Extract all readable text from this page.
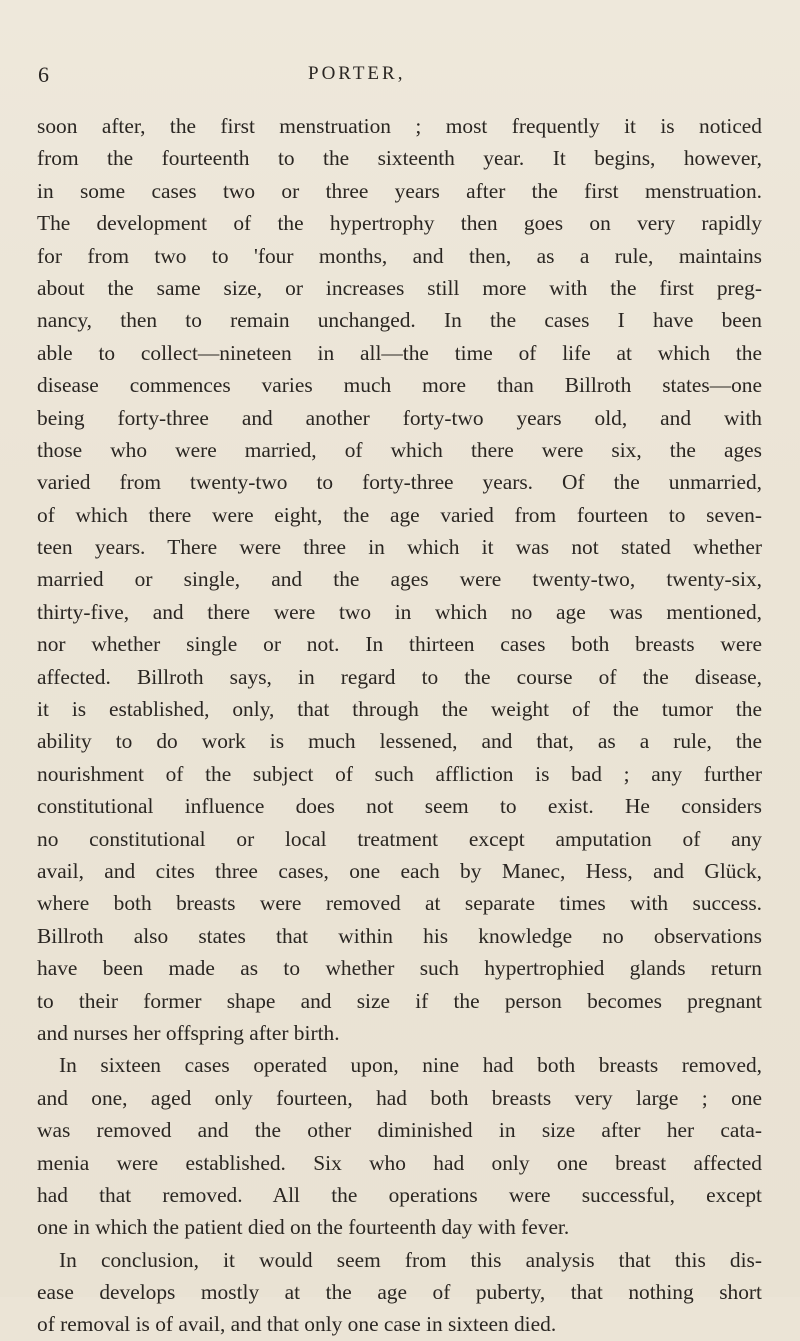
6	PORTER,
soon after, the first menstruation ; most frequently it is noticed
from the fourteenth to the sixteenth year. It begins, however,
in some cases two or three years after the first menstruation.
The development of the hypertrophy then goes on very rapidly
for from two to 'four months, and then, as a rule, maintains
about the same size, or increases still more with the first preg-
nancy, then to remain unchanged. In the cases I have been
able to collect—nineteen in all—the time of life at which the
disease commences varies much more than Billroth states—one
being forty-three and another forty-two years old, and with
those who were married, of which there were six, the ages
varied from twenty-two to forty-three years. Of the unmarried,
of which there were eight, the age varied from fourteen to seven-
teen years. There were three in which it was not stated whether
married or single, and the ages were twenty-two, twenty-six,
thirty-five, and there were two in which no age was mentioned,
nor whether single or not. In thirteen cases both breasts were
affected. Billroth says, in regard to the course of the disease,
it is established, only, that through the weight of the tumor the
ability to do work is much lessened, and that, as a rule, the
nourishment of the subject of such affliction is bad ; any further
constitutional influence does not seem to exist. He considers
no constitutional or local treatment except amputation of any
avail, and cites three cases, one each by Manec, Hess, and Glück,
where both breasts were removed at separate times with success.
Billroth also states that within his knowledge no observations
have been made as to whether such hypertrophied glands return
to their former shape and size if the person becomes pregnant
and nurses her offspring after birth.
In sixteen cases operated upon, nine had both breasts removed,
and one, aged only fourteen, had both breasts very large ; one
was removed and the other diminished in size after her cata-
menia were established. Six who had only one breast affected
had that removed. All the operations were successful, except
one in which the patient died on the fourteenth day with fever.
In conclusion, it would seem from this analysis that this dis-
ease develops mostly at the age of puberty, that nothing short
of removal is of avail, and that only one case in sixteen died.
